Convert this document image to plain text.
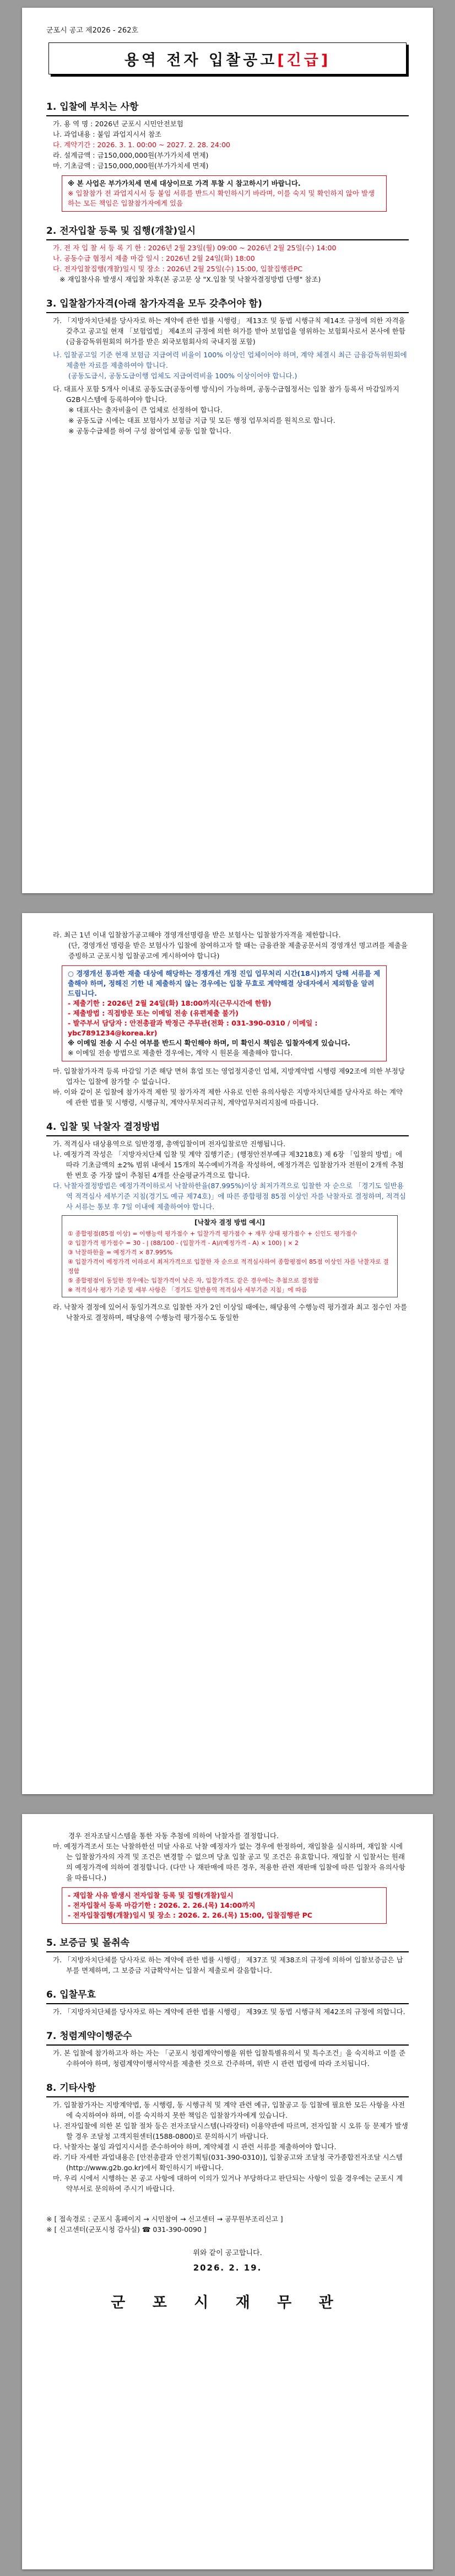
군포시 공고 제2026 - 262호
용역 전자 입찰공고 [긴급]
1. 입찰에 부치는 사항
가. 용 역 명 : 2026년 군포시 시민안전보험
나. 과업내용 : 붙임 과업지시서 참조
다. 계약기간 : 2026. 3. 1. 00:00 ~ 2027. 2. 28. 24:00
라. 설계금액 : 금150,000,000원(부가가치세 면제)
마. 기초금액 : 금150,000,000원(부가가치세 면제)
※ 본 사업은 부가가치세 면세 대상이므로 가격 투찰 시 참고하시기 바랍니다.
※ 입찰참가 전 과업지시서 등 붙임 서류를 반드시 확인하시기 바라며, 이를 숙지 및 확인하지 않아 발생하는 모든 책임은 입찰참가자에게 있음
2. 전자입찰 등록 및 집행(개찰)일시
가. 전 자 입 찰 서 등 록 기 한 : 2026년 2월 23일(월) 09:00 ~ 2026년 2월 25일(수) 14:00
나. 공동수급 협정서 제출 마감 일시 : 2026년 2월 24일(화) 18:00
다. 전자입찰집행(개찰)일시 및 장소 : 2026년 2월 25일(수) 15:00, 입찰집행관PC
※ 재입찰사유 발생시 재입찰 차후(본 공고문 상 "X.입찰 및 낙찰자결정방법 단행" 참조)
3. 입찰참가자격(아래 참가자격을 모두 갖추어야 함)
가. 「지방자치단체를 당사자로 하는 계약에 관한 법률 시행령」 제13조 및 동법 시행규칙 제14조 규정에 의한 자격을 갖추고 공고일 현재 「보험업법」 제4조의 규정에 의한 허가를 받아 보험업을 영위하는 보험회사로서 본사에 한함(금융감독위원회의 허가를 받은 외국보험회사의 국내지점 포함)
나. 입찰공고일 기준 현재 보험금 지급여력 비율이 100% 이상인 업체이어야 하며, 계약 체결시 최근 금융감독위원회에 제출한 자료를 제출하여야 합니다.
(공동도급시, 공동도급이행 업체도 지급여력비율 100% 이상이어야 합니다.)
다. 대표사 포함 5개사 이내로 공동도급(공동이행 방식)이 가능하며, 공동수급협정서는 입찰 참가 등록서 마감일까지 G2B시스템에 등록하여야 합니다.
※ 대표사는 출자비율이 큰 업체로 선정하여 합니다.
※ 공동도급 시에는 대표 보험사가 보험금 지급 및 모든 행정 업무처리를 원칙으로 합니다.
※ 공동수급체를 하여 구성 참여업체 공동 입찰 합니다.
라. 최근 1년 이내 입찰참가공고해야 경영개선명령을 받은 보험사는 입찰참가자격을 제한합니다.
(단, 경영개선 명령을 받은 보험사가 입찰에 참여하고자 할 때는 금융관찰 제출공문서의 경영개선 명고려를 제출을 증빙하고 군포시청 입찰공고에 게시하여야 합니다)
○ 경쟁개선 통과한 재출 대상에 해당하는 경쟁개선 개정 진입 업무처리 시간(18시)까지 당해 서류를 제출해야 하며, 정해진 기한 내 제출하지 않는 경우에는 입찰 무효로 계약해결 상대자에서 제외함을 알려드립니다.
- 제출기한 : 2026년 2월 24일(화) 18:00까지(근무시간에 한함)
- 제출방법 : 직접방문 또는 이메일 전송 (유편제출 불가)
- 발주부서 담당자 : 안전총괄과 박정근 주무관(전화 : 031-390-0310 / 이메일 : ybc7891234@korea.kr)
※ 이메일 전송 시 수신 여부를 반드시 확인해야 하며, 미 확인시 책임은 입찰자에게 있습니다.
※ 이메일 전송 방법으로 제출한 경우에는, 계약 시 원본을 제출해야 합니다.
마. 입찰참가자격 등록 마감일 기준 해당 면허 휴업 또는 영업정지중인 업체, 지방계약법 시행령 제92조에 의한 부정당업자는 입찰에 참가할 수 없습니다.
바. 이와 같이 본 입찰에 참가자격 제한 및 참가자격 제한 사유로 인한 유의사항은 지방자치단체를 당사자로 하는 계약에 관한 법률 및 시행령, 시행규칙, 계약사무처리규칙, 계약업무처리지침에 따릅니다.
4. 입찰 및 낙찰자 결정방법
가. 적격심사 대상용역으로 일반경쟁, 총액입찰이며 전자입찰로만 진행됩니다.
나. 예정가격 작성은 「지방자치단체 입찰 및 계약 집행기준」(행정안전부예규 제3218호) 제 6장 「입찰의 방법」에 따라 기초금액의 ±2% 범위 내에서 15개의 복수예비가격을 작성하여, 예정가격은 입찰참가자 전원이 2개씩 추첨한 번호 중 가장 많이 추첨된 4개를 산술평균가격으로 합니다.
다. 낙찰자결정방법은 예정가격이하로서 낙찰하한율(87.995%)이상 최저가격으로 입찰한 자 순으로 「경기도 일반용역 적격심사 세부기준 지침(경기도 예규 제74호)」에 따른 종합평점 85점 이상인 자를 낙찰자로 결정하며, 적격심사 서류는 통보 후 7일 이내에 제출하여야 합니다.
[낙찰자 결정 방법 예시]
① 종합평점(85점 이상) = 이행능력 평가점수 + 입찰가격 평가점수 + 재무 상태 평가점수 + 신인도 평가점수
② 입찰가격 평가점수 = 30 - | (88/100 - (입찰가격 - A)/(예정가격 - A) × 100) | × 2
③ 낙찰하한율 = 예정가격 × 87.995%
④ 입찰가격이 예정가격 이하로서 최저가격으로 입찰한 자 순으로 적격심사하여 종합평점이 85점 이상인 자를 낙찰자로 결정함
⑤ 종합평점이 동일한 경우에는 입찰가격이 낮은 자, 입찰가격도 같은 경우에는 추첨으로 결정함
※ 적격심사 평가 기준 및 세부 사항은 「경기도 일반용역 적격심사 세부기준 지침」에 따름
라. 낙찰자 결정에 있어서 동일가격으로 입찰한 자가 2인 이상일 때에는, 해당용역 수행능력 평가결과 최고 점수인 자를 낙찰자로 결정하며, 해당용역 수행능력 평가점수도 동일한
경우 전자조달시스템을 통한 자동 추첨에 의하여 낙찰자를 결정합니다.
마. 예정가격조서 또는 낙찰하한선 미달 사유로 낙찰 예정자가 없는 경우에 한정하여, 재입찰을 실시하며, 재입찰 시에는 입찰참가자의 자격 및 조건은 변경할 수 없으며 당초 입찰 공고 및 조건은 유효합니다. 재입찰 시 입찰서는 원래의 예정가격에 의하여 결정합니다. (다만 나 재판매에 따른 경우, 적용한 관련 재판매 입찰에 따른 입찰자 유의사항을 따릅니다.)
- 재입찰 사유 발생시 전자입찰 등록 및 집행(개찰)일시
- 전자입찰서 등록 마감기한 : 2026. 2. 26.(목) 14:00까지
- 전자입찰집행(개찰)일시 및 장소 : 2026. 2. 26.(목) 15:00, 입찰집행관 PC
5. 보증금 및 몰취속
가. 「지방자치단체를 당사자로 하는 계약에 관한 법률 시행령」 제37조 및 제38조의 규정에 의하여 입찰보증금은 납부를 면제하며, 그 보증금 지급확약서는 입찰서 제출로써 갈음합니다.
6. 입찰무효
가. 「지방자치단체를 당사자로 하는 계약에 관한 법률 시행령」 제39조 및 동법 시행규칙 제42조의 규정에 의합니다.
7. 청렴계약이행준수
가. 본 입찰에 참가하고자 하는 자는 「군포시 청렴계약이행을 위한 입찰특별유의서 및 특수조건」을 숙지하고 이를 준수하여야 하며, 청렴계약이행서약서를 제출한 것으로 간주하며, 위반 시 관련 법령에 따라 조치됩니다.
8. 기타사항
가. 입찰참가자는 지방계약법, 동 시행령, 동 시행규칙 및 계약 관련 예규, 입찰공고 등 입찰에 필요한 모든 사항을 사전에 숙지하여야 하며, 이를 숙지하지 못한 책임은 입찰참가자에게 있습니다.
나. 전자입찰에 의한 본 입찰 절차 등은 전자조달시스템(나라장터) 이용약관에 따르며, 전자입찰 시 오류 등 문제가 발생할 경우 조달청 고객지원센터(1588-0800)로 문의하시기 바랍니다.
다. 낙찰자는 붙임 과업지시서를 준수하여야 하며, 계약체결 시 관련 서류를 제출하여야 합니다.
라. 기타 자세한 과업내용은 [안전총괄과 안전기획팀(031-390-0310)], 입찰공고와 조달청 국가종합전자조달 시스템(http://www.g2b.go.kr)에서 확인하시기 바랍니다.
마. 우리 시에서 시행하는 본 공고 사항에 대하여 이의가 있거나 부당하다고 판단되는 사항이 있을 경우에는 군포시 계약부서로 문의하여 주시기 바랍니다.
※ [ 접속경로 : 군포시 홈페이지 → 시민참여 → 신고센터 → 공무원부조리신고 ]
※ [ 신고센터(군포시청 감사실) ☎ 031-390-0090 ]
위와 같이 공고합니다.
2026. 2. 19.
군 포 시 재 무 관
